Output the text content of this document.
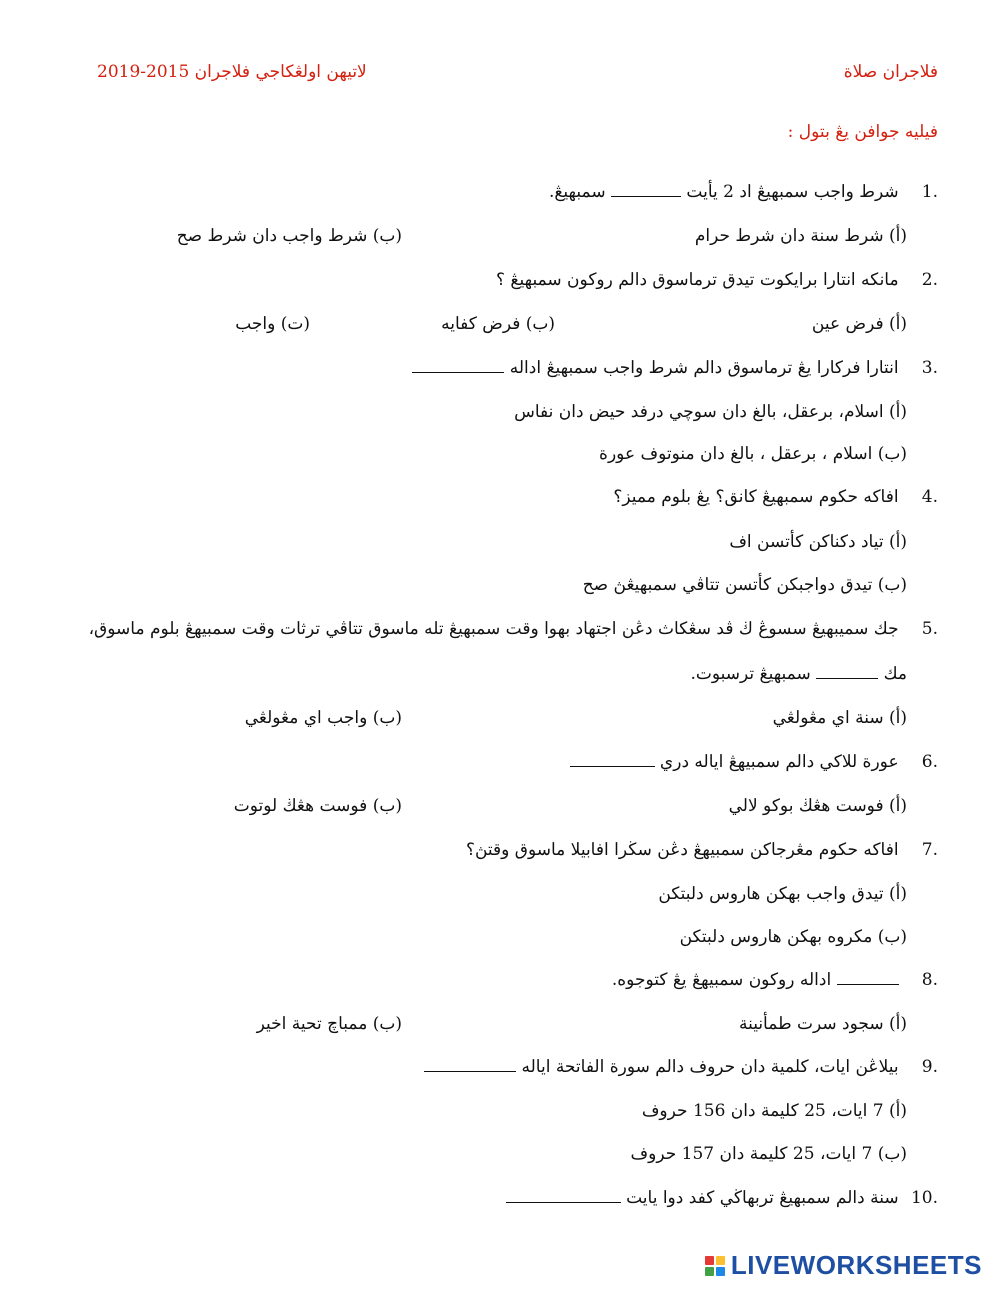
لاتيهن اولڠكاجي فلاجران 2015-2019	فلاجران صلاة
فيليه جوافن يڠ بتول :
.1 شرط واجب سمبهيڠ اد 2 يأيت  سمبهيڠ.
(أ) شرط سنة دان شرط حرام
(ب) شرط واجب دان شرط صح
.2 مانكه انتارا برايكوت تيدق ترماسوق دالم روكون سمبهيڠ ؟
(أ) فرض عين
(ب) فرض كفايه
(ت) واجب
.3 انتارا فركارا يڠ ترماسوق دالم شرط واجب سمبهيڠ اداله
(أ) اسلام، برعقل، بالغ دان سوچي درفد حيض دان نفاس
(ب) اسلام ، برعقل ، بالغ دان منوتوف عورة
.4 افاكه حكوم سمبهيڠ كانق؟ يڠ بلوم مميز؟
(أ) تياد دكناكن كأتسن اف
(ب) تيدق دواجبكن كأتسن تتاڤي سمبهيڠڽ صح
.5 جك سميبهيڠ سسوڠ ڬ ڤد سڠكاث دڠن اجتهاد بهوا وقت سمبهيڠ تله ماسوق تتاڤي ترثات وقت سمبيهڠ بلوم ماسوق،
مك  سمبهيڠ ترسبوت.
(أ) سنة اي مڠولڠي
(ب) واجب اي مڠولڠي
.6 عورة للاكي دالم سمبيهڠ اياله دري
(أ) فوست هڠڬ بوكو لالي
(ب) فوست هڠڬ لوتوت
.7 افاكه حكوم مڠرجاكن سمبيهڠ دڠن سڬرا افابيلا ماسوق وقتڽ؟
(أ) تيدق واجب بهكن هاروس دلبتكن
(ب) مكروه بهكن هاروس دلبتكن
.8  اداله روكون سمبيهڠ يڠ كتوجوه.
(أ) سجود سرت طمأنينة
(ب) ممباچ تحية اخير
.9 بيلاڠن ايات، كلمية دان حروف دالم سورة الفاتحة اياله
(أ) 7 ايات، 25 كليمة دان 156 حروف
(ب) 7 ايات، 25 كليمة دان 157 حروف
.10 سنة دالم سمبهيڠ تربهاڬي كفد دوا يايت
LIVEWORKSHEETS
